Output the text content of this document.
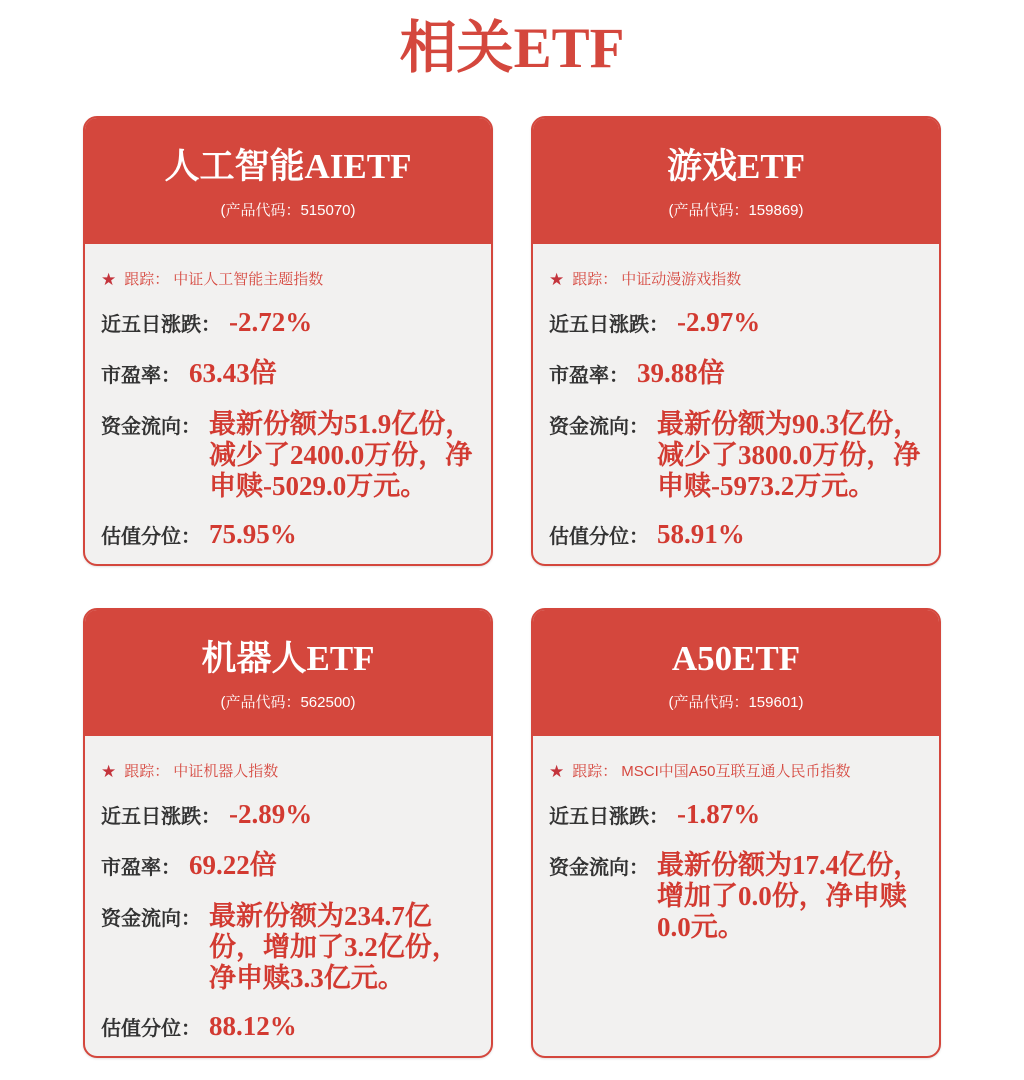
相关ETF
人工智能AIETF
(产品代码：515070)
★ 跟踪： 中证人工智能主题指数
近五日涨跌： -2.72%
市盈率： 63.43倍
资金流向： 最新份额为51.9亿份，减少了2400.0万份，净申赎-5029.0万元。
估值分位： 75.95%
游戏ETF
(产品代码：159869)
★ 跟踪： 中证动漫游戏指数
近五日涨跌： -2.97%
市盈率： 39.88倍
资金流向： 最新份额为90.3亿份，减少了3800.0万份，净申赎-5973.2万元。
估值分位： 58.91%
机器人ETF
(产品代码：562500)
★ 跟踪： 中证机器人指数
近五日涨跌： -2.89%
市盈率： 69.22倍
资金流向： 最新份额为234.7亿份，增加了3.2亿份，净申赎3.3亿元。
估值分位： 88.12%
A50ETF
(产品代码：159601)
★ 跟踪： MSCI中国A50互联互通人民币指数
近五日涨跌： -1.87%
资金流向： 最新份额为17.4亿份，增加了0.0份，净申赎0.0元。
